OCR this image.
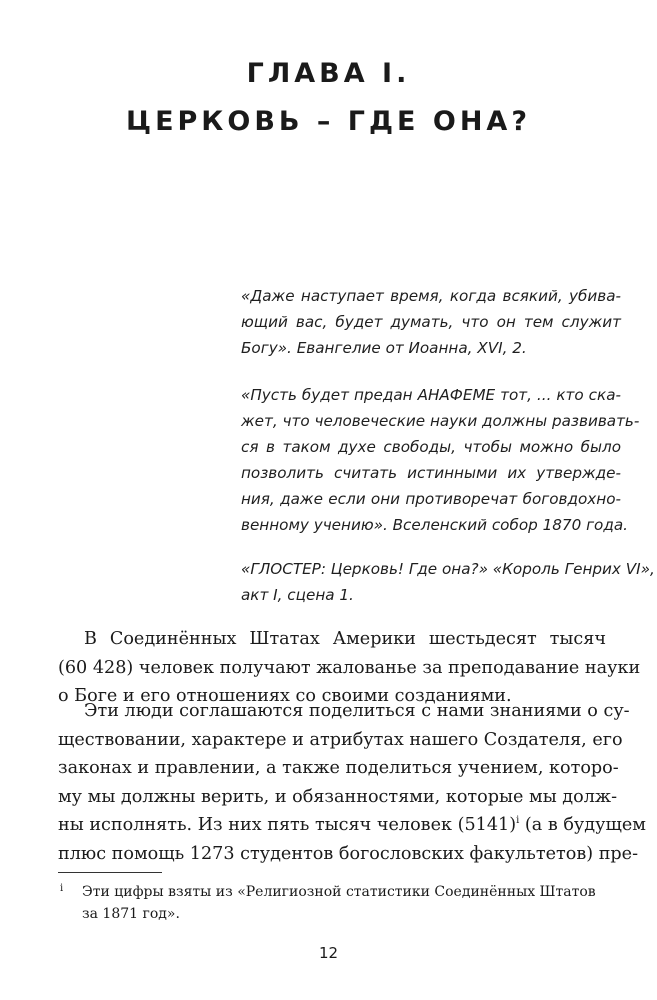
ГЛАВА I.
ЦЕРКОВЬ – ГДЕ ОНА?
«Даже наступает время, когда всякий, убива-
ющий вас, будет думать, что он тем служит
Богу». Евангелие от Иоанна, XVI, 2.
«Пусть будет предан АНАФЕМЕ тот, ... кто ска-
жет, что человеческие науки должны развивать-
ся в таком духе свободы, чтобы можно было
позволить считать истинными их утвержде-
ния, даже если они противоречат боговдохно-
венному учению». Вселенский собор 1870 года.
«ГЛОСТЕР: Церковь! Где она?» «Король Генрих VI»,
акт I, сцена 1.
В Соединённых Штатах Америки шестьдесят тысяч
(60 428) человек получают жалованье за преподавание науки
о Боге и его отношениях со своими созданиями.
Эти люди соглашаются поделиться с нами знаниями о су-
ществовании, характере и атрибутах нашего Создателя, его
законах и правлении, а также поделиться учением, которо-
му мы должны верить, и обязанностями, которые мы долж-
ны исполнять. Из них пять тысяч человек (5141)$^i$ (а в будущем
плюс помощь 1273 студентов богословских факультетов) пре-
i	Эти цифры взяты из «Религиозной статистики Соединённых Штатов
за 1871 год».
12
